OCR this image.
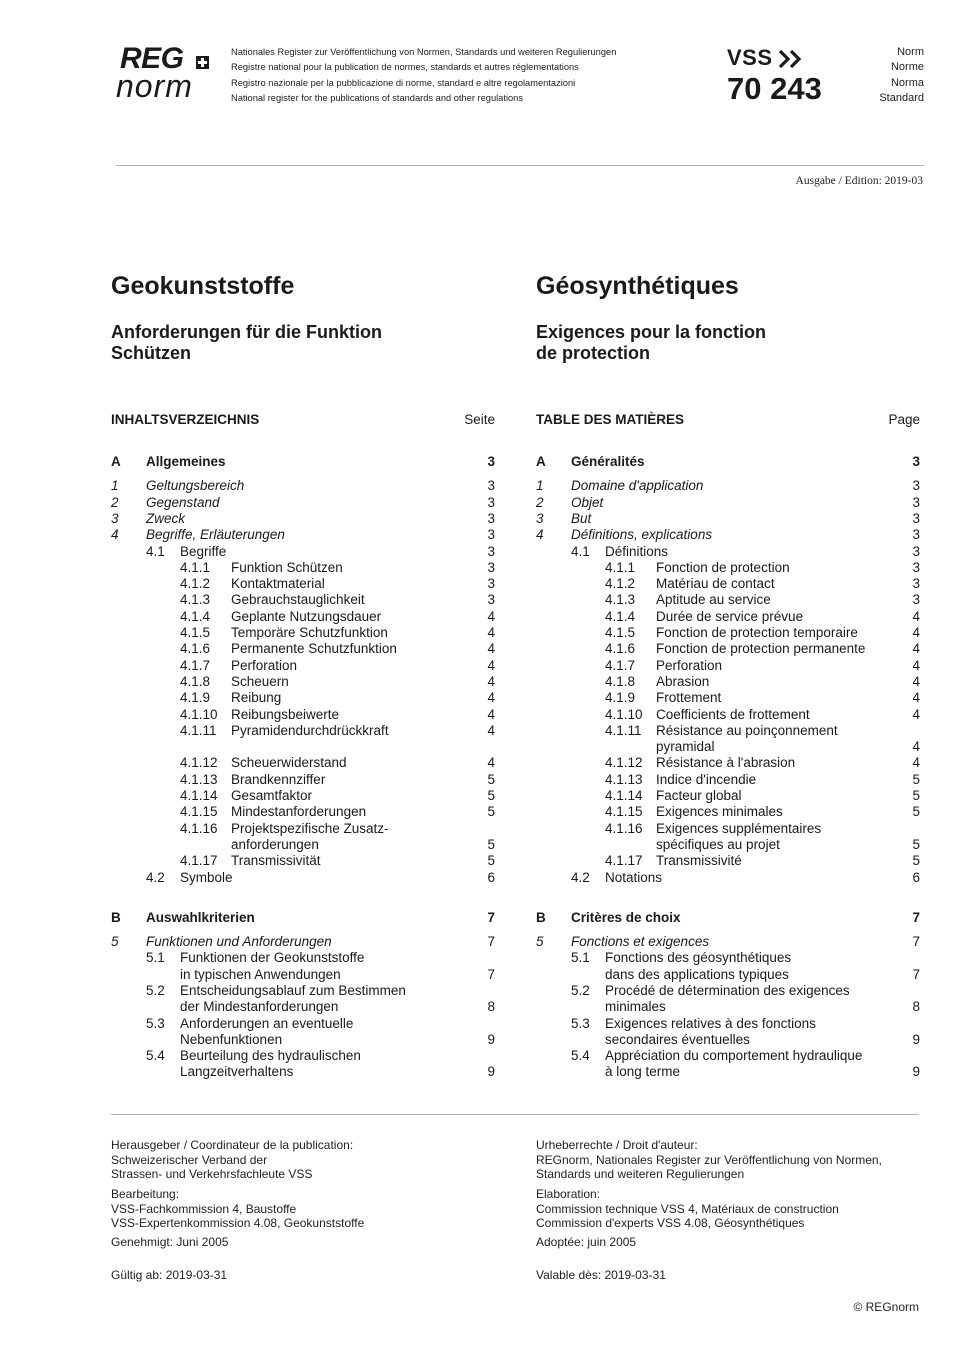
REG
norm
Nationales Register zur Veröffentlichung von Normen, Standards und weiteren Regulierungen
Registre national pour la publication de normes, standards et autres réglementations
Registro nazionale per la pubblicazione di norme, standard e altre regolamentazioni
National register for the publications of standards and other regulations
VSS
70 243
Norm
Norme
Norma
Standard
Ausgabe / Edition: 2019-03
Geokunststoffe
Anforderungen für die Funktion
Schützen
INHALTSVERZEICHNIS	Seite
A Allgemeines	3
1 Geltungsbereich	3
2 Gegenstand	3
3 Zweck	3
4 Begriffe, Erläuterungen	3
4.1 Begriffe	3
4.1.1 Funktion Schützen	3
4.1.2 Kontaktmaterial	3
4.1.3 Gebrauchstauglichkeit	3
4.1.4 Geplante Nutzungsdauer	4
4.1.5 Temporäre Schutzfunktion	4
4.1.6 Permanente Schutzfunktion	4
4.1.7 Perforation	4
4.1.8 Scheuern	4
4.1.9 Reibung	4
4.1.10 Reibungsbeiwerte	4
4.1.11 Pyramidendurchdrückkraft	4
4.1.12 Scheuerwiderstand	4
4.1.13 Brandkennziffer	5
4.1.14 Gesamtfaktor	5
4.1.15 Mindestanforderungen	5
4.1.16 Projektspezifische Zusatz-
anforderungen	5
4.1.17 Transmissivität	5
4.2 Symbole	6
B Auswahlkriterien	7
5 Funktionen und Anforderungen	7
5.1 Funktionen der Geokunststoffe
in typischen Anwendungen	7
5.2 Entscheidungsablauf zum Bestimmen
der Mindestanforderungen	8
5.3 Anforderungen an eventuelle
Nebenfunktionen	9
5.4 Beurteilung des hydraulischen
Langzeitverhaltens	9
Géosynthétiques
Exigences pour la fonction
de protection
TABLE DES MATIÈRES	Page
A Généralités	3
1 Domaine d'application	3
2 Objet	3
3 But	3
4 Définitions, explications	3
4.1 Définitions	3
4.1.1 Fonction de protection	3
4.1.2 Matériau de contact	3
4.1.3 Aptitude au service	3
4.1.4 Durée de service prévue	4
4.1.5 Fonction de protection temporaire	4
4.1.6 Fonction de protection permanente	4
4.1.7 Perforation	4
4.1.8 Abrasion	4
4.1.9 Frottement	4
4.1.10 Coefficients de frottement	4
4.1.11 Résistance au poinçonnement
pyramidal	4
4.1.12 Résistance à l'abrasion	4
4.1.13 Indice d'incendie	5
4.1.14 Facteur global	5
4.1.15 Exigences minimales	5
4.1.16 Exigences supplémentaires
spécifiques au projet	5
4.1.17 Transmissivité	5
4.2 Notations	6
B Critères de choix	7
5 Fonctions et exigences	7
5.1 Fonctions des géosynthétiques
dans des applications typiques	7
5.2 Procédé de détermination des exigences
minimales	8
5.3 Exigences relatives à des fonctions
secondaires éventuelles	9
5.4 Appréciation du comportement hydraulique
à long terme	9
Herausgeber / Coordinateur de la publication:
Schweizerischer Verband der
Strassen- und Verkehrsfachleute VSS
Bearbeitung:
VSS-Fachkommission 4, Baustoffe
VSS-Expertenkommission 4.08, Geokunststoffe
Genehmigt: Juni 2005
Gültig ab: 2019-03-31
Urheberrechte / Droit d'auteur:
REGnorm, Nationales Register zur Veröffentlichung von Normen,
Standards und weiteren Regulierungen
Elaboration:
Commission technique VSS 4, Matériaux de construction
Commission d'experts VSS 4.08, Géosynthétiques
Adoptée: juin 2005
Valable dès: 2019-03-31
© REGnorm
